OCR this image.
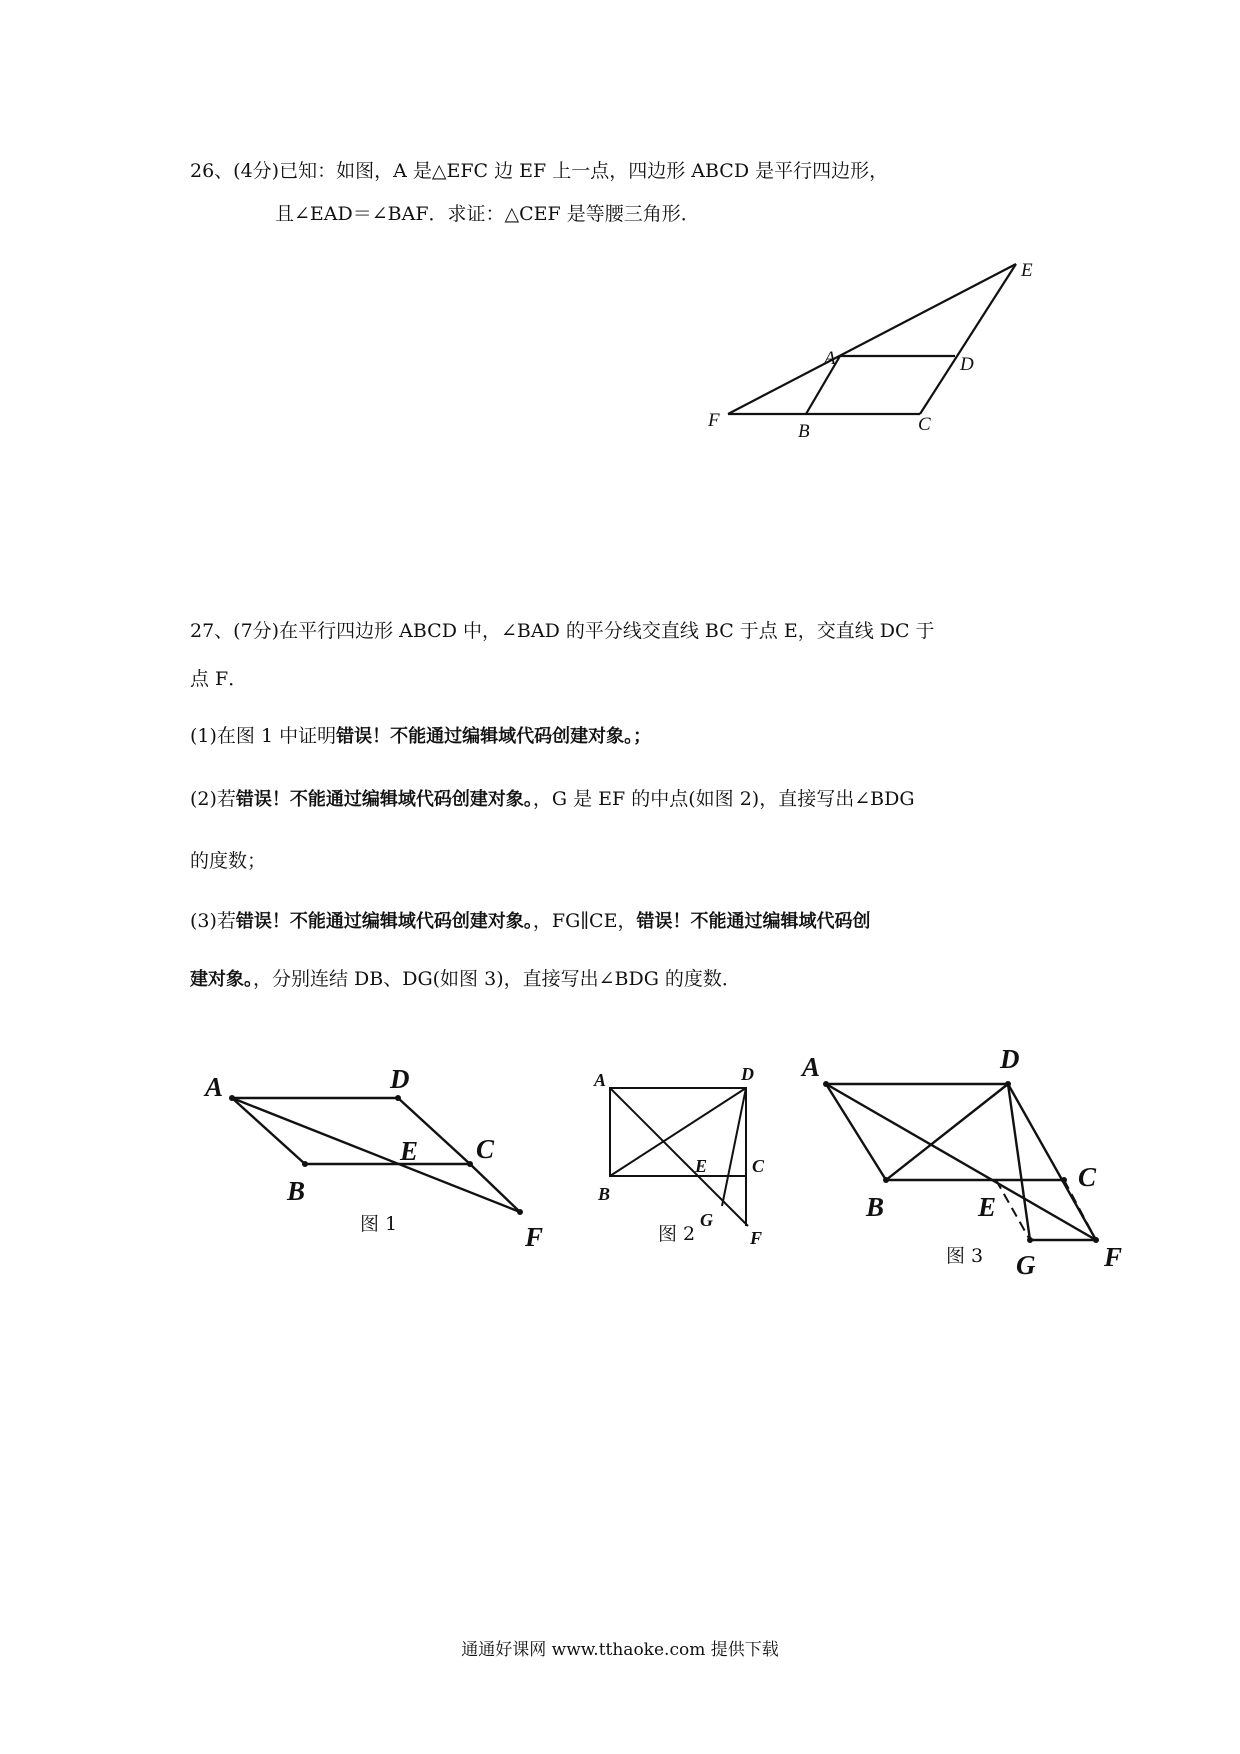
26、(4分)已知：如图，A 是△EFC 边 EF 上一点，四边形 ABCD 是平行四边形，
且∠EAD＝∠BAF．求证：△CEF 是等腰三角形．
27、(7分)在平行四边形 ABCD 中，∠BAD 的平分线交直线 BC 于点 E，交直线 DC 于
点 F．
(1)在图 1 中证明错误！不能通过编辑域代码创建对象。；
(2)若错误！不能通过编辑域代码创建对象。，G 是 EF 的中点(如图 2)，直接写出∠BDG
的度数；
(3)若错误！不能通过编辑域代码创建对象。，FG∥CE，错误！不能通过编辑域代码创
建对象。，分别连结 DB、DG(如图 3)，直接写出∠BDG 的度数．
E
A	D
F
B	C
A	D
E C
B
F
图 1
A	D
E C
B
G
F
图 2
A	D
C
B	E
G	F
图 3
通通好课网 www.tthaoke.com 提供下载
